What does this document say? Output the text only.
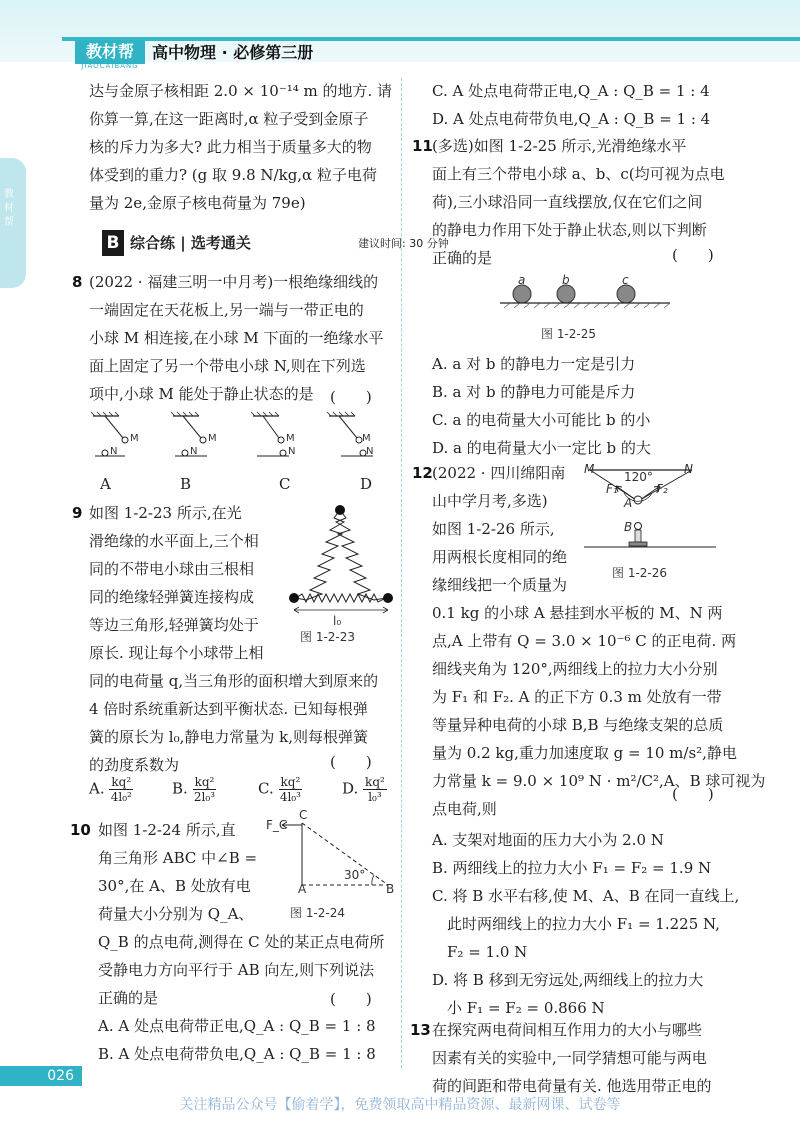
教材帮
JIAOCAIBANG
高中物理 · 必修第三册
教材帮
达与金原子核相距 2.0 × 10⁻¹⁴ m 的地方. 请
你算一算,在这一距离时,α 粒子受到金原子
核的斥力为多大? 此力相当于质量多大的物
体受到的重力? (g 取 9.8 N/kg,α 粒子电荷
量为 2e,金原子核电荷量为 79e)
B 综合练 | 选考通关	建议时间: 30 分钟
8 (2022 · 福建三明一中月考)一根绝缘细线的
一端固定在天花板上,另一端与一带正电的
小球 M 相连接,在小球 M 下面的一绝缘水平
面上固定了另一个带电小球 N,则在下列选
项中,小球 M 能处于静止状态的是 (　　)
M
N
M
N
M
N
M
N
A	B	C	D
9 如图 1-2-23 所示,在光
滑绝缘的水平面上,三个相
同的不带电小球由三根相
同的绝缘轻弹簧连接构成
等边三角形,轻弹簧均处于
原长. 现让每个小球带上相
同的电荷量 q,当三角形的面积增大到原来的
4 倍时系统重新达到平衡状态. 已知每根弹
簧的原长为 l₀,静电力常量为 k,则每根弹簧
的劲度系数为	(　　)
l₀
图 1-2-23
A. $\frac{\text{kq²}}{\text{4l₀²}}$	B. $\frac{\text{kq²}}{\text{2l₀³}}$	C. $\frac{\text{kq²}}{\text{4l₀³}}$	D. $\frac{\text{kq²}}{\text{l₀³}}$
10 如图 1-2-24 所示,直
角三角形 ABC 中∠B =
30°,在 A、B 处放有电
荷量大小分别为 Q_A、
Q_B 的点电荷,测得在 C 处的某正点电荷所
受静电力方向平行于 AB 向左,则下列说法
正确的是	(　　)
A. A 处点电荷带正电,Q_A : Q_B = 1 : 8
B. A 处点电荷带负电,Q_A : Q_B = 1 : 8
F_C
C
A	B
30°
图 1-2-24
C. A 处点电荷带正电,Q_A : Q_B = 1 : 4
D. A 处点电荷带负电,Q_A : Q_B = 1 : 4
11 (多选)如图 1-2-25 所示,光滑绝缘水平
面上有三个带电小球 a、b、c(均可视为点电
荷),三小球沿同一直线摆放,仅在它们之间
的静电力作用下处于静止状态,则以下判断
正确的是	(　　)
a	b	c
图 1-2-25
A. a 对 b 的静电力一定是引力
B. a 对 b 的静电力可能是斥力
C. a 的电荷量大小可能比 b 的小
D. a 的电荷量大小一定比 b 的大
12 (2022 · 四川绵阳南
山中学月考,多选)
如图 1-2-26 所示,
用两根长度相同的绝
缘细线把一个质量为
0.1 kg 的小球 A 悬挂到水平板的 M、N 两
点,A 上带有 Q = 3.0 × 10⁻⁶ C 的正电荷. 两
细线夹角为 120°,两细线上的拉力大小分别
为 F₁ 和 F₂. A 的正下方 0.3 m 处放有一带
等量异种电荷的小球 B,B 与绝缘支架的总质
量为 0.2 kg,重力加速度取 g = 10 m/s²,静电
力常量 k = 9.0 × 10⁹ N · m²/C²,A、B 球可视为
点电荷,则
(　　)
M	N
120°
F₁	F₂
A
B
图 1-2-26
A. 支架对地面的压力大小为 2.0 N
B. 两细线上的拉力大小 F₁ = F₂ = 1.9 N
C. 将 B 水平右移,使 M、A、B 在同一直线上,
　此时两细线上的拉力大小 F₁ = 1.225 N,
　F₂ = 1.0 N
D. 将 B 移到无穷远处,两细线上的拉力大
　小 F₁ = F₂ = 0.866 N
13 在探究两电荷间相互作用力的大小与哪些
因素有关的实验中,一同学猜想可能与两电
荷的间距和带电荷量有关. 他选用带正电的
026
关注精品公众号【偷着学】，免费领取高中精品资源、最新网课、试卷等
